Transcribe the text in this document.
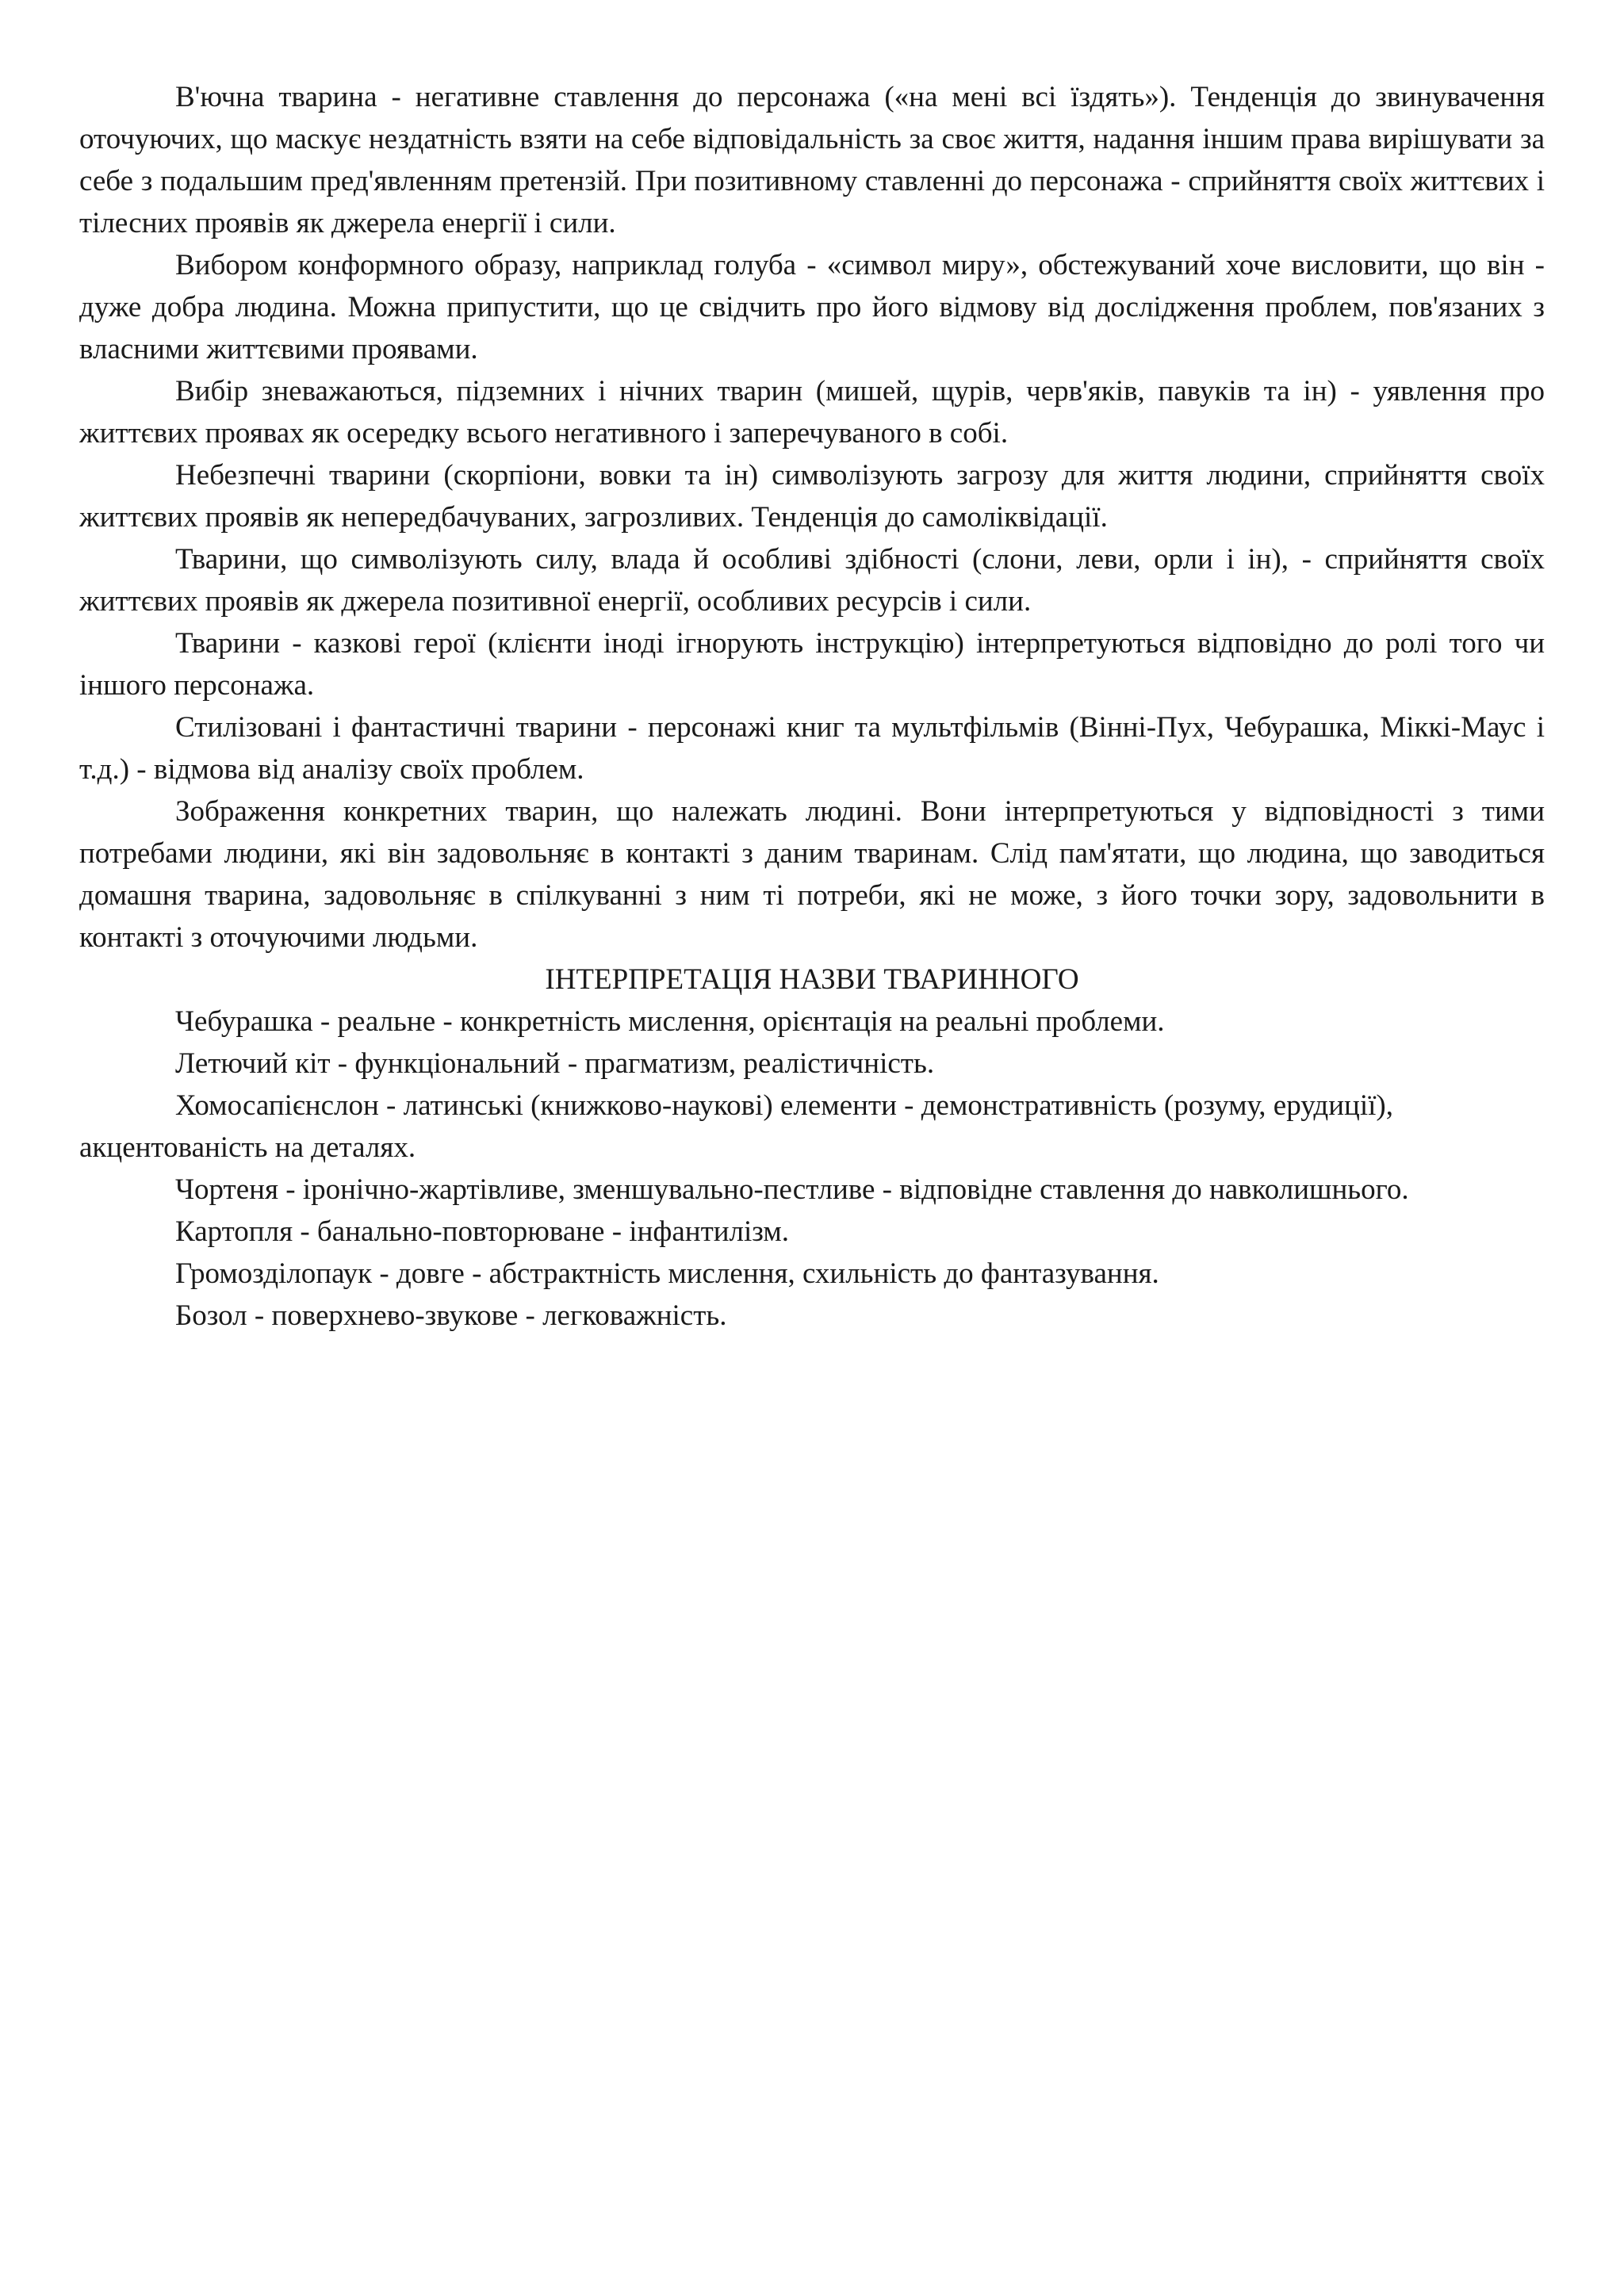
В'ючна тварина - негативне ставлення до персонажа («на мені всі їздять»). Тенденція до звинувачення оточуючих, що маскує нездатність взяти на себе відповідальність за своє життя, надання іншим права вирішувати за себе з подальшим пред'явленням претензій. При позитивному ставленні до персонажа - сприйняття своїх життєвих і тілесних проявів як джерела енергії і сили.

Вибором конформного образу, наприклад голуба - «символ миру», обстежуваний хоче висловити, що він - дуже добра людина. Можна припустити, що це свідчить про його відмову від дослідження проблем, пов'язаних з власними життєвими проявами.

Вибір зневажаються, підземних і нічних тварин (мишей, щурів, черв'яків, павуків та ін) - уявлення про життєвих проявах як осередку всього негативного і заперечуваного в собі.

Небезпечні тварини (скорпіони, вовки та ін) символізують загрозу для життя людини, сприйняття своїх життєвих проявів як непередбачуваних, загрозливих. Тенденція до самоліквідації.

Тварини, що символізують силу, влада й особливі здібності (слони, леви, орли і ін), - сприйняття своїх життєвих проявів як джерела позитивної енергії, особливих ресурсів і сили.

Тварини - казкові герої (клієнти іноді ігнорують інструкцію) інтерпретуються відповідно до ролі того чи іншого персонажа.

Стилізовані і фантастичні тварини - персонажі книг та мультфільмів (Вінні-Пух, Чебурашка, Міккі-Маус і т.д.) - відмова від аналізу своїх проблем.

Зображення конкретних тварин, що належать людині. Вони інтерпретуються у відповідності з тими потребами людини, які він задовольняє в контакті з даним тваринам. Слід пам'ятати, що людина, що заводиться домашня тварина, задовольняє в спілкуванні з ним ті потреби, які не може, з його точки зору, задовольнити в контакті з оточуючими людьми.

ІНТЕРПРЕТАЦІЯ НАЗВИ ТВАРИННОГО

Чебурашка - реальне - конкретність мислення, орієнтація на реальні проблеми.

Летючий кіт - функціональний - прагматизм, реалістичність.

Хомосапієнслон - латинські (книжково-наукові) елементи - демонстративність (розуму, ерудиції), акцентованість на деталях.

Чортеня - іронічно-жартівливе, зменшувально-пестливе - відповідне ставлення до навколишнього.

Картопля - банально-повторюване - інфантилізм.

Громозділопаук - довге - абстрактність мислення, схильність до фантазування.

Бозол - поверхнево-звукове - легковажність.
